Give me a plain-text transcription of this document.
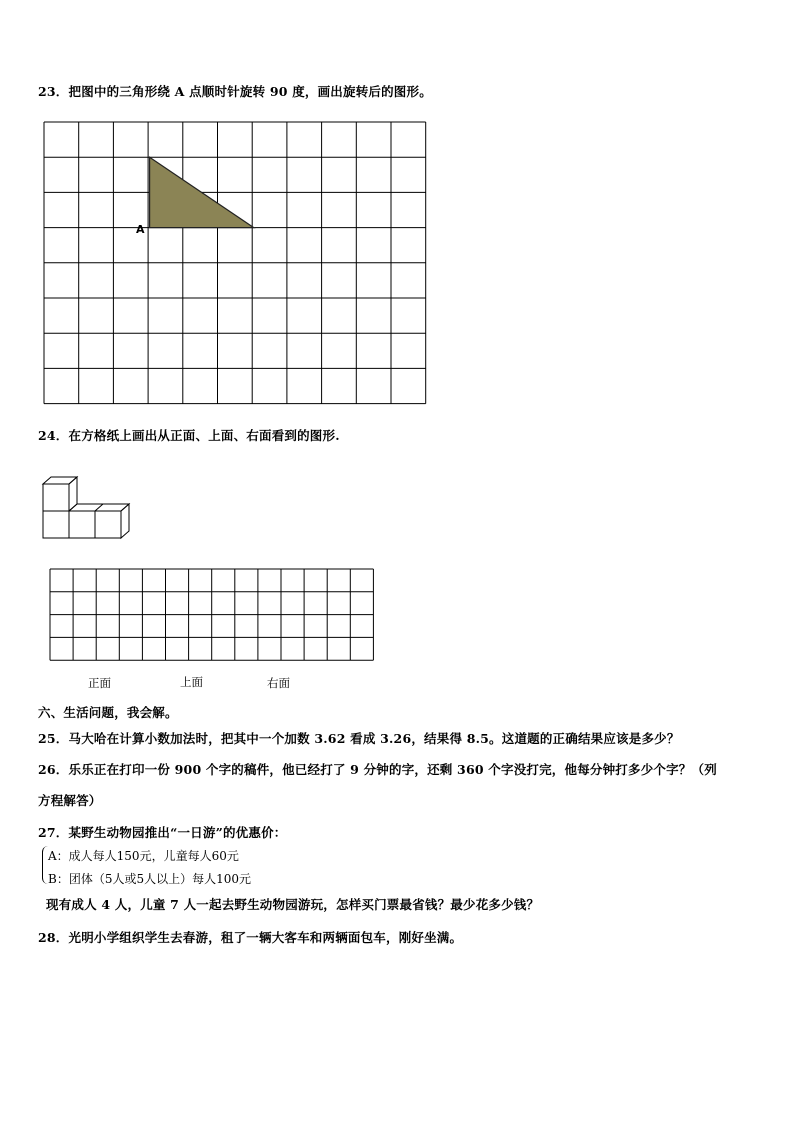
23．把图中的三角形绕 A 点顺时针旋转 90 度，画出旋转后的图形。
A
24．在方格纸上画出从正面、上面、右面看到的图形.
正面	上面	右面
六、生活问题，我会解。
25．马大哈在计算小数加法时，把其中一个加数 3.62 看成 3.26，结果得 8.5。这道题的正确结果应该是多少？
26．乐乐正在打印一份 900 个字的稿件，他已经打了 9 分钟的字，还剩 360 个字没打完，他每分钟打多少个字？（列
方程解答）
27．某野生动物园推出“一日游”的优惠价：
A：成人每人150元，儿童每人60元
B：团体（5人或5人以上）每人100元
现有成人 4 人，儿童 7 人一起去野生动物园游玩，怎样买门票最省钱？最少花多少钱？
28．光明小学组织学生去春游，租了一辆大客车和两辆面包车，刚好坐满。
